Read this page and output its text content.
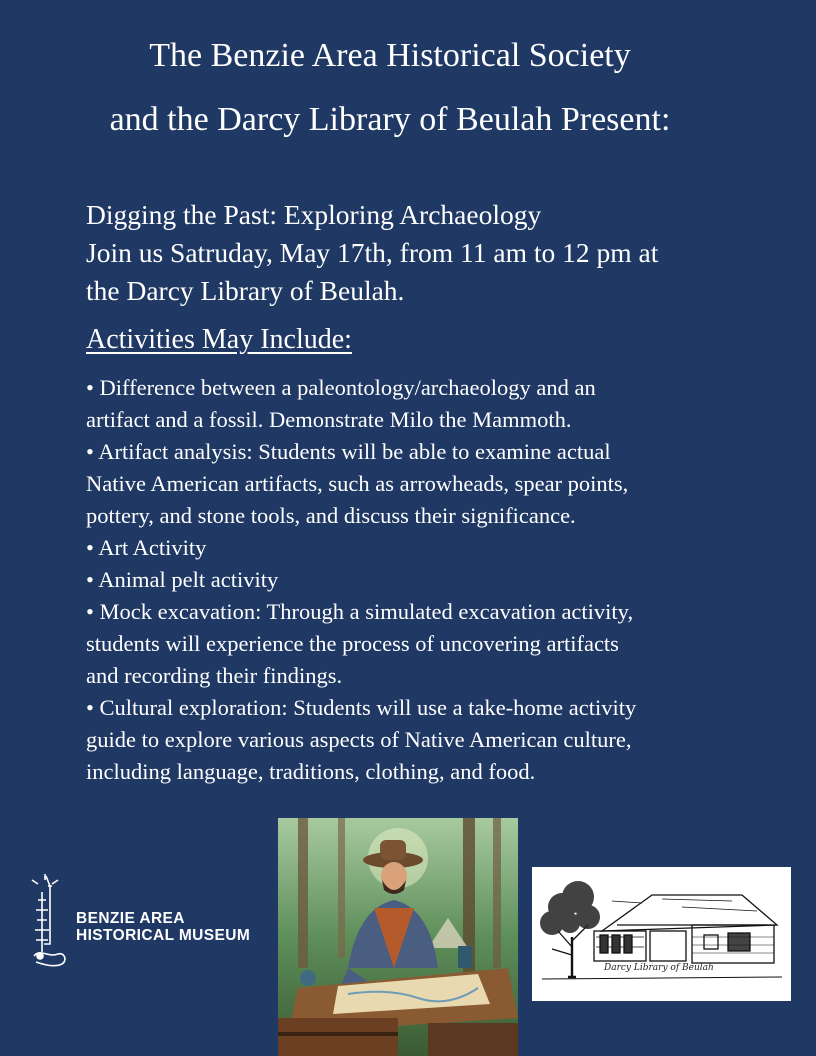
The Benzie Area Historical Society
and the Darcy Library of Beulah Present:
Digging the Past: Exploring Archaeology
Join us Satruday, May 17th, from 11 am to 12 pm at
the Darcy Library of Beulah.
Activities May Include:
• Difference between a paleontology/archaeology and an
artifact and a fossil. Demonstrate Milo the Mammoth.
• Artifact analysis: Students will be able to examine actual
Native American artifacts, such as arrowheads, spear points,
pottery, and stone tools, and discuss their significance.
• Art Activity
• Animal pelt activity
• Mock excavation: Through a simulated excavation activity,
students will experience the process of uncovering artifacts
and recording their findings.
• Cultural exploration: Students will use a take-home activity
guide to explore various aspects of Native American culture,
including language, traditions, clothing, and food.
BENZIE AREA
HISTORICAL MUSEUM
Darcy Library of Beulah
